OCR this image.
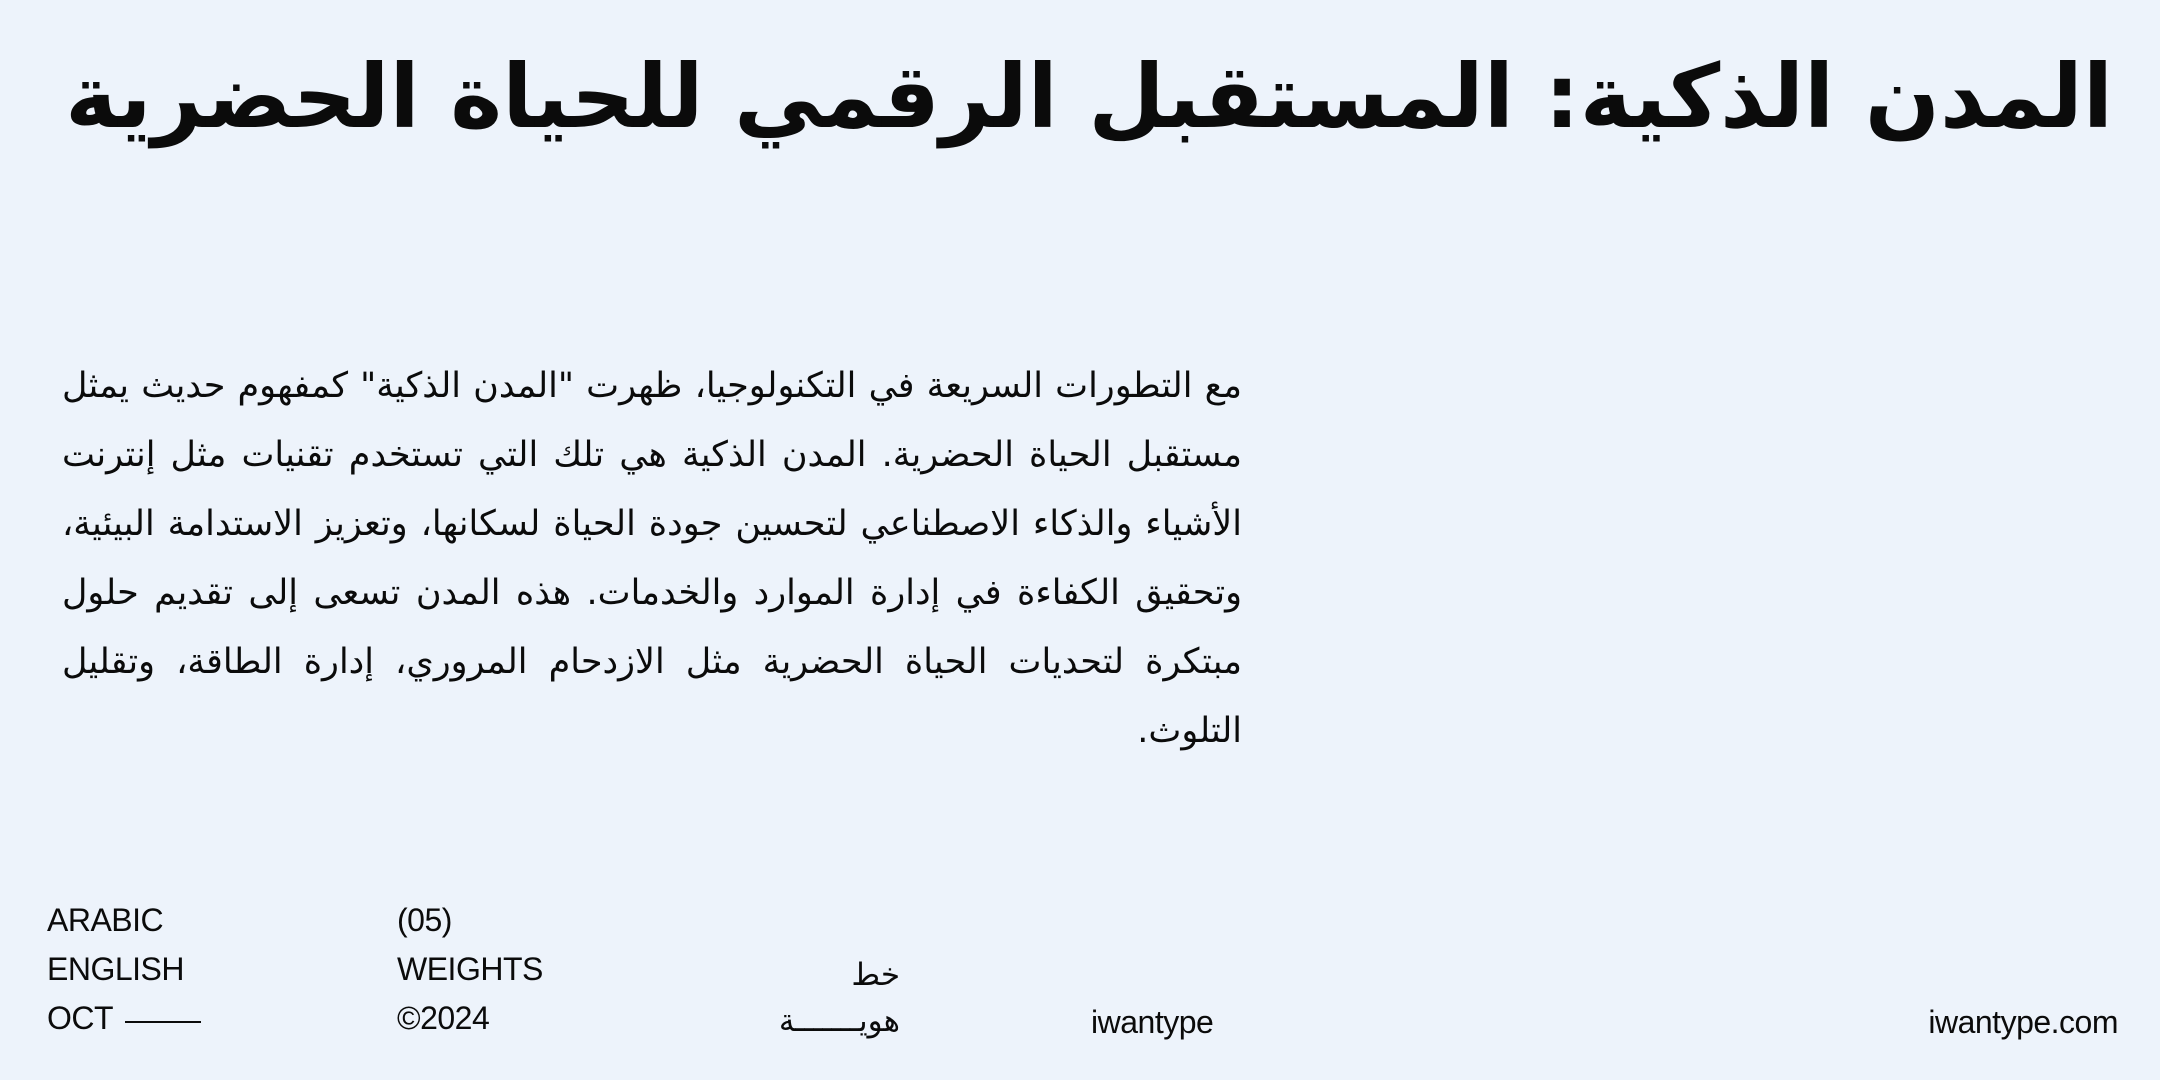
المدن الذكية: المستقبل الرقمي للحياة الحضرية

مع التطورات السريعة في التكنولوجيا، ظهرت "المدن الذكية" كمفهوم حديث يمثل مستقبل الحياة الحضرية. المدن الذكية هي تلك التي تستخدم تقنيات مثل إنترنت الأشياء والذكاء الاصطناعي لتحسين جودة الحياة لسكانها، وتعزيز الاستدامة البيئية، وتحقيق الكفاءة في إدارة الموارد والخدمات. هذه المدن تسعى إلى تقديم حلول مبتكرة لتحديات الحياة الحضرية مثل الازدحام المروري، إدارة الطاقة، وتقليل التلوث.

ARABIC
ENGLISH
OCT
(05)
WEIGHTS
©2024
خط
هويـــــــة	iwantype	iwantype.com
